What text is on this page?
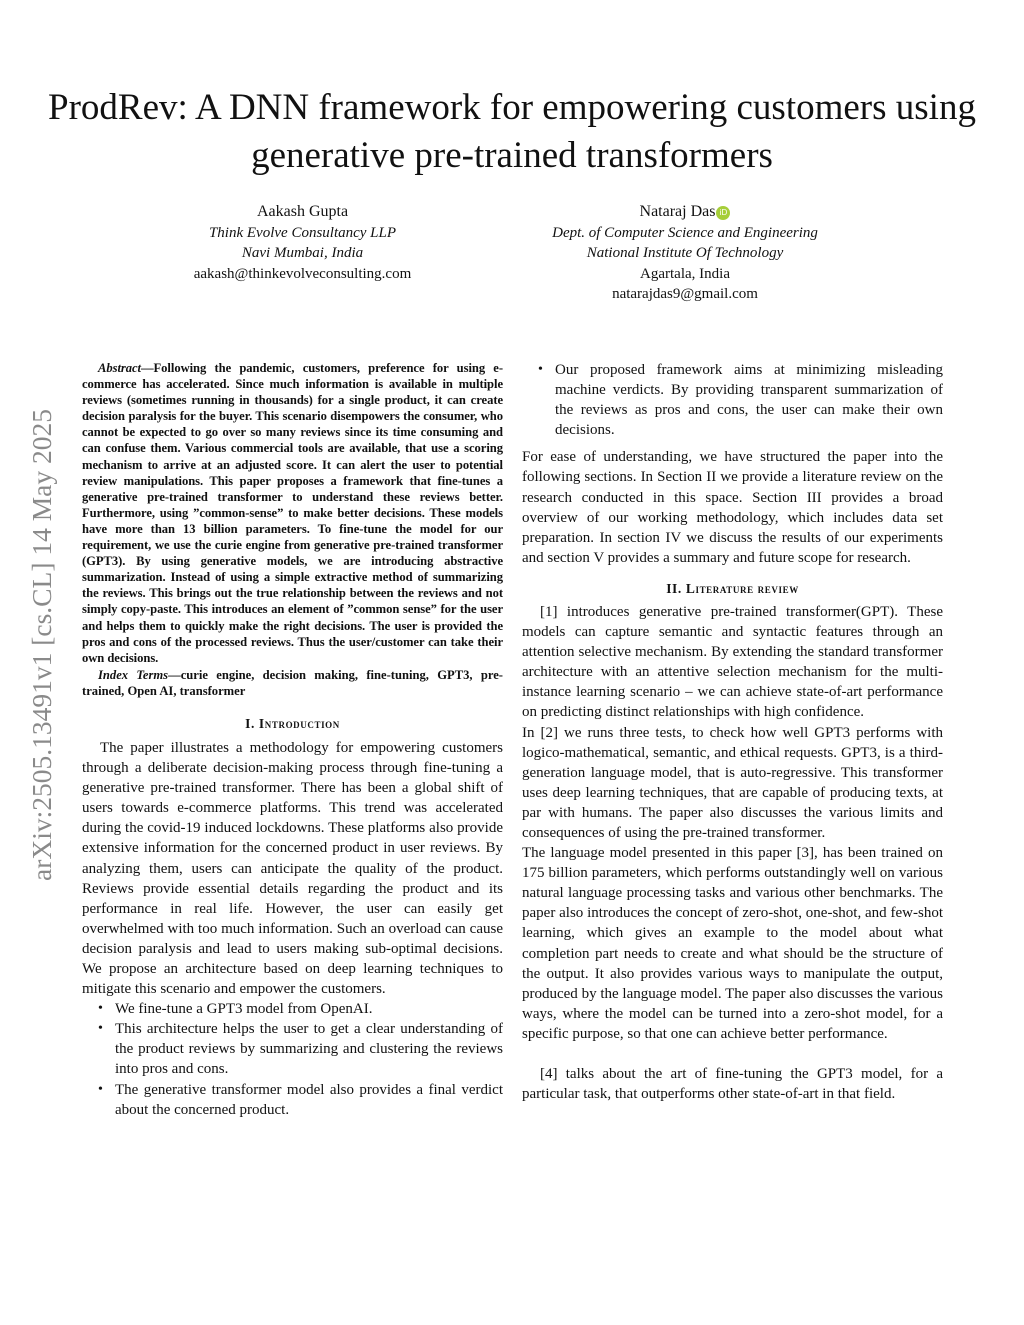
ProdRev: A DNN framework for empowering customers using generative pre-trained transformers
Aakash Gupta
Think Evolve Consultancy LLP
Navi Mumbai, India
aakash@thinkevolveconsulting.com
Nataraj Das iD
Dept. of Computer Science and Engineering
National Institute Of Technology
Agartala, India
natarajdas9@gmail.com
arXiv:2505.13491v1 [cs.CL] 14 May 2025

Abstract—Following the pandemic, customers, preference for using e-commerce has accelerated. Since much information is available in multiple reviews (sometimes running in thousands) for a single product, it can create decision paralysis for the buyer. This scenario disempowers the consumer, who cannot be expected to go over so many reviews since its time consuming and can confuse them. Various commercial tools are available, that use a scoring mechanism to arrive at an adjusted score. It can alert the user to potential review manipulations. This paper proposes a framework that fine-tunes a generative pre-trained transformer to understand these reviews better. Furthermore, using ”common-sense” to make better decisions. These models have more than 13 billion parameters. To fine-tune the model for our requirement, we use the curie engine from generative pre-trained transformer (GPT3). By using generative models, we are introducing abstractive summarization. Instead of using a simple extractive method of summarizing the reviews. This brings out the true relationship between the reviews and not simply copy-paste. This introduces an element of ”common sense” for the user and helps them to quickly make the right decisions. The user is provided the pros and cons of the processed reviews. Thus the user/customer can take their own decisions.

Index Terms—curie engine, decision making, fine-tuning, GPT3, pre-trained, Open AI, transformer

I. Introduction

The paper illustrates a methodology for empowering customers through a deliberate decision-making process through fine-tuning a generative pre-trained transformer. There has been a global shift of users towards e-commerce platforms. This trend was accelerated during the covid-19 induced lockdowns. These platforms also provide extensive information for the concerned product in user reviews. By analyzing them, users can anticipate the quality of the product. Reviews provide essential details regarding the product and its performance in real life. However, the user can easily get overwhelmed with too much information. Such an overload can cause decision paralysis and lead to users making sub-optimal decisions. We propose an architecture based on deep learning techniques to mitigate this scenario and empower the customers.

• We fine-tune a GPT3 model from OpenAI.
• This architecture helps the user to get a clear understanding of the product reviews by summarizing and clustering the reviews into pros and cons.
• The generative transformer model also provides a final verdict about the concerned product.
• Our proposed framework aims at minimizing misleading machine verdicts. By providing transparent summarization of the reviews as pros and cons, the user can make their own decisions.

For ease of understanding, we have structured the paper into the following sections. In Section II we provide a literature review on the research conducted in this space. Section III provides a broad overview of our working methodology, which includes data set preparation. In section IV we discuss the results of our experiments and section V provides a summary and future scope for research.

II. Literature review

[1] introduces generative pre-trained transformer(GPT). These models can capture semantic and syntactic features through an attention selective mechanism. By extending the standard transformer architecture with an attentive selection mechanism for the multi-instance learning scenario – we can achieve state-of-art performance on predicting distinct relationships with high confidence.

In [2] we runs three tests, to check how well GPT3 performs with logico-mathematical, semantic, and ethical requests. GPT3, is a third-generation language model, that is auto-regressive. This transformer uses deep learning techniques, that are capable of producing texts, at par with humans. The paper also discusses the various limits and consequences of using the pre-trained transformer.

The language model presented in this paper [3], has been trained on 175 billion parameters, which performs outstandingly well on various natural language processing tasks and various other benchmarks. The paper also introduces the concept of zero-shot, one-shot, and few-shot learning, which gives an example to the model about what completion part needs to create and what should be the structure of the output. It also provides various ways to manipulate the output, produced by the language model. The paper also discusses the various ways, where the model can be turned into a zero-shot model, for a specific purpose, so that one can achieve better performance.

[4] talks about the art of fine-tuning the GPT3 model, for a particular task, that outperforms other state-of-art in that field.
